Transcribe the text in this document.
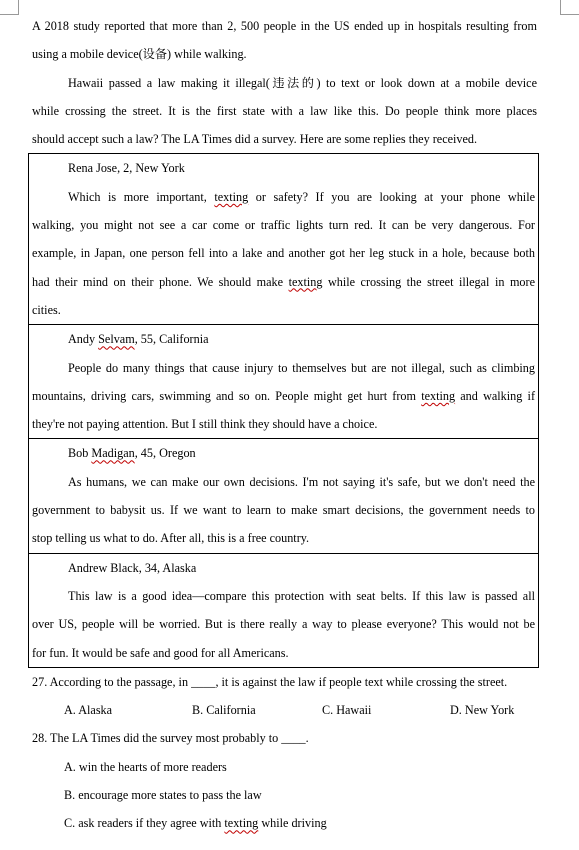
A 2018 study reported that more than 2, 500 people in the US ended up in hospitals resulting from
using a mobile device(设备) while walking.
Hawaii passed a law making it illegal(违法的) to text or look down at a mobile device
while crossing the street. It is the first state with a law like this. Do people think more places
should accept such a law? The LA Times did a survey. Here are some replies they received.
Rena Jose, 2, New York
Which is more important, texting or safety? If you are looking at your phone while
walking, you might not see a car come or traffic lights turn red. It can be very dangerous. For
example, in Japan, one person fell into a lake and another got her leg stuck in a hole, because both
had their mind on their phone. We should make texting while crossing the street illegal in more
cities.
Andy Selvam, 55, California
People do many things that cause injury to themselves but are not illegal, such as climbing
mountains, driving cars, swimming and so on. People might get hurt from texting and walking if
they're not paying attention. But I still think they should have a choice.
Bob Madigan, 45, Oregon
As humans, we can make our own decisions. I'm not saying it's safe, but we don't need the
government to babysit us. If we want to learn to make smart decisions, the government needs to
stop telling us what to do. After all, this is a free country.
Andrew Black, 34, Alaska
This law is a good idea—compare this protection with seat belts. If this law is passed all
over US, people will be worried. But is there really a way to please everyone? This would not be
for fun. It would be safe and good for all Americans.
27. According to the passage, in ____, it is against the law if people text while crossing the street.
A. Alaska	B. California	C. Hawaii	D. New York
28. The LA Times did the survey most probably to ____.
A. win the hearts of more readers
B. encourage more states to pass the law
C. ask readers if they agree with texting while driving
